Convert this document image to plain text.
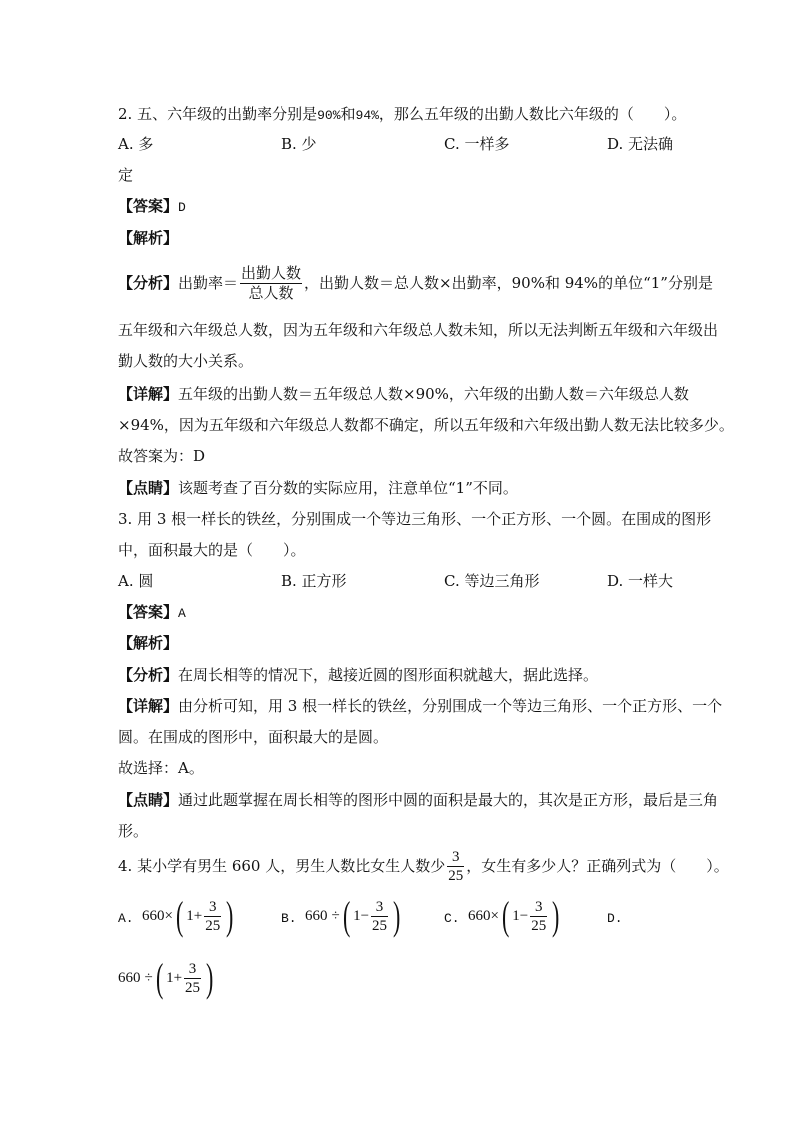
2. 五、六年级的出勤率分别是90%和94%，那么五年级的出勤人数比六年级的（　　）。
A. 多	B. 少	C. 一样多	D. 无法确
定
【答案】D
【解析】
【分析】 出勤率＝ $\frac{\text{出勤人数}}{\text{总人数}}$ ，出勤人数＝总人数×出勤率，90%和 94%的单位“1”分别是
五年级和六年级总人数，因为五年级和六年级总人数未知，所以无法判断五年级和六年级出
勤人数的大小关系。
【详解】五年级的出勤人数＝五年级总人数×90%，六年级的出勤人数＝六年级总人数
×94%，因为五年级和六年级总人数都不确定，所以五年级和六年级出勤人数无法比较多少。
故答案为：D
【点睛】该题考查了百分数的实际应用，注意单位“1”不同。
3. 用 3 根一样长的铁丝，分别围成一个等边三角形、一个正方形、一个圆。在围成的图形
中，面积最大的是（　　）。
A. 圆	B. 正方形	C. 等边三角形	D. 一样大
【答案】A
【解析】
【分析】在周长相等的情况下，越接近圆的图形面积就越大，据此选择。
【详解】由分析可知，用 3 根一样长的铁丝，分别围成一个等边三角形、一个正方形、一个
圆。在围成的图形中，面积最大的是圆。
故选择：A。
【点睛】通过此题掌握在周长相等的图形中圆的面积是最大的，其次是正方形，最后是三角
形。
4. 某小学有男生 660 人，男生人数比女生人数少 $\frac{3}{25}$ ，女生有多少人？正确列式为（　　）。
A. 660 × ( $1 + \frac{3}{25}$ )	B. 660 ÷ ( $1 - \frac{3}{25}$ )	C. 660 × ( $1 - \frac{3}{25}$ )	D.
660 ÷ ( $1 + \frac{3}{25}$ )
